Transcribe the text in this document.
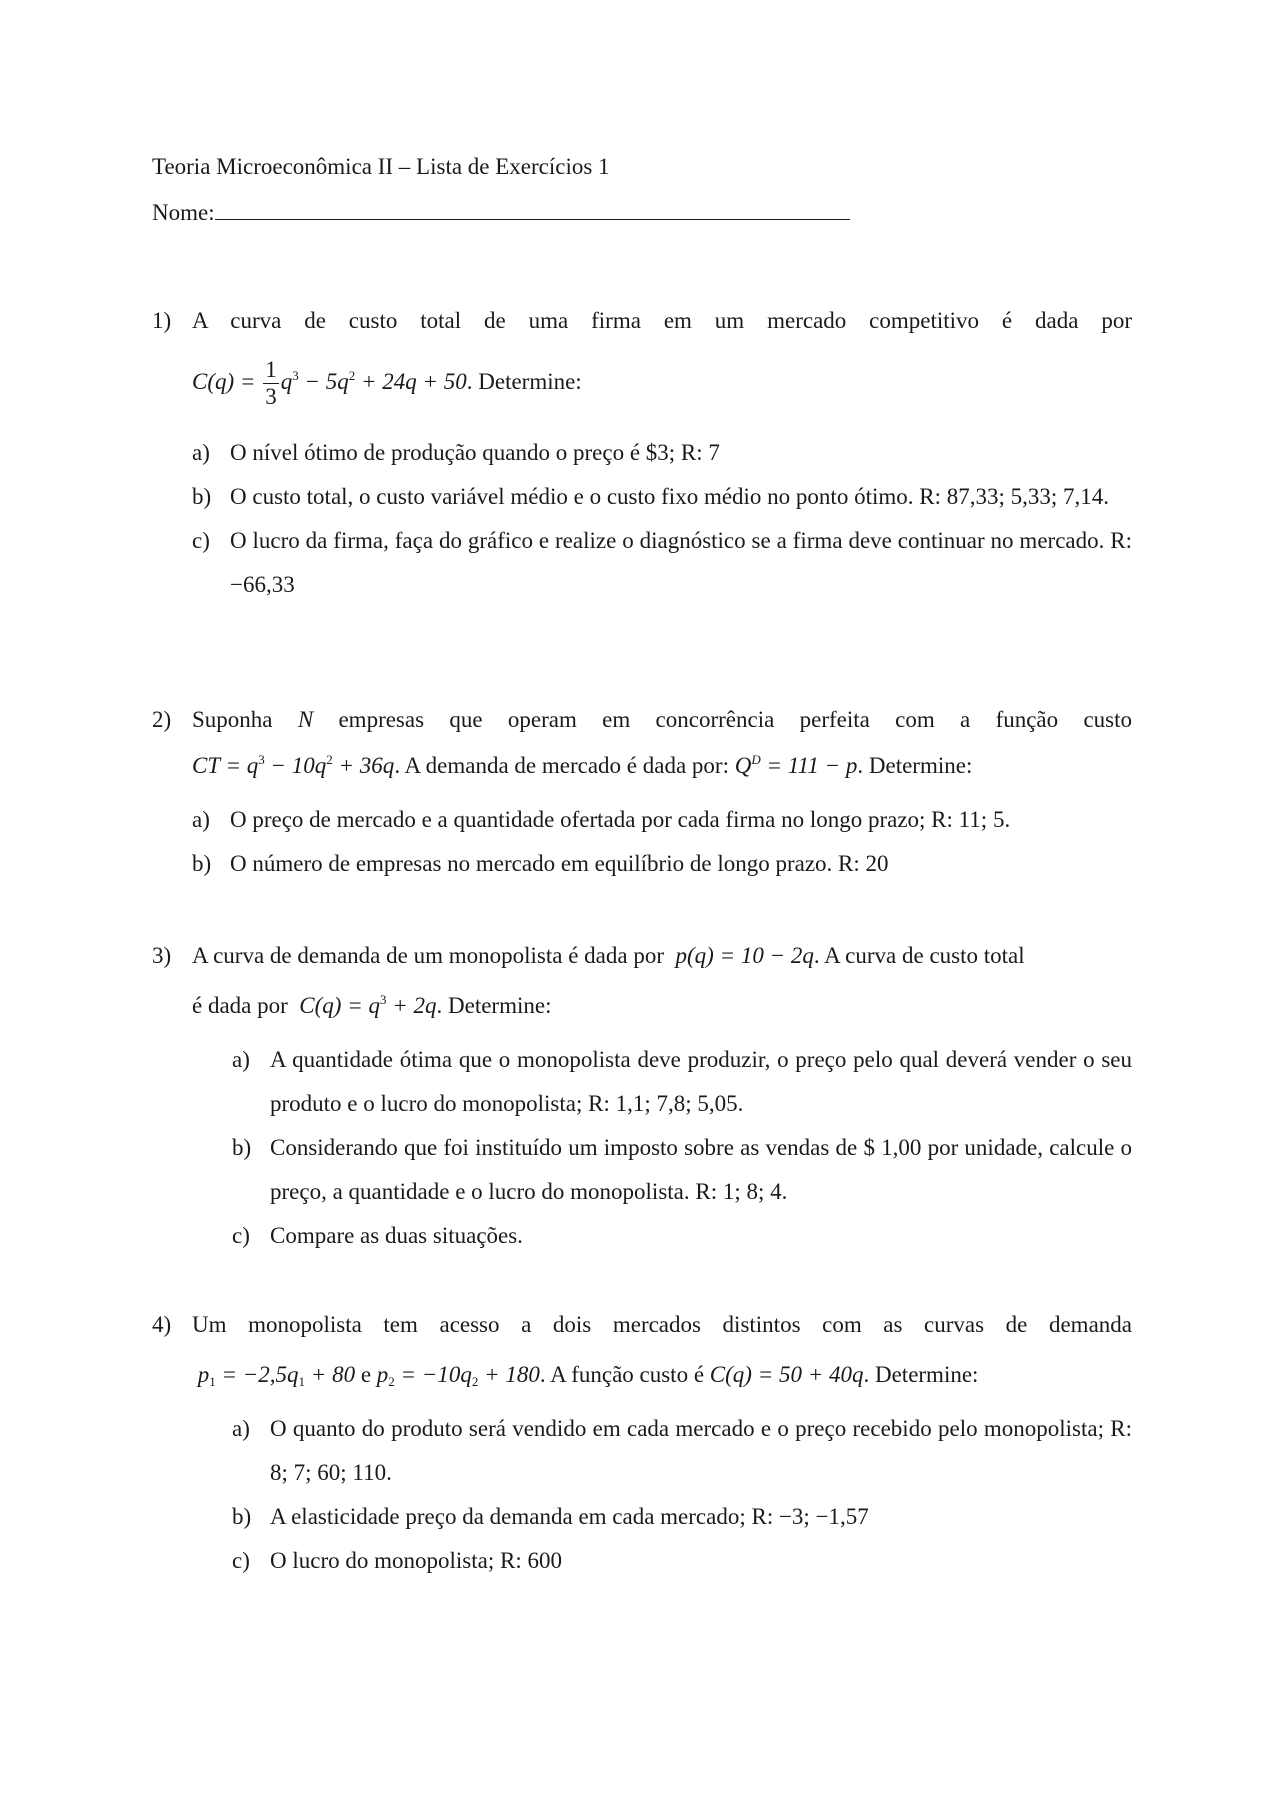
Teoria Microeconômica II – Lista de Exercícios 1
Nome:
1) A curva de custo total de uma firma em um mercado competitivo é dada por
$C(q) = \frac{1}{3} q^3 - 5q^2 + 24q + 50$. Determine:
a) O nível ótimo de produção quando o preço é $3; R: 7
b) O custo total, o custo variável médio e o custo fixo médio no ponto ótimo. R: 87,33; 5,33; 7,14.
c) O lucro da firma, faça do gráfico e realize o diagnóstico se a firma deve continuar no mercado. R: −66,33
2) Suponha N empresas que operam em concorrência perfeita com a função custo
CT = $q^3 - 10q^2 + 36q$. A demanda de mercado é dada por: $Q^D = 111 - p$. Determine:
a) O preço de mercado e a quantidade ofertada por cada firma no longo prazo; R: 11; 5.
b) O número de empresas no mercado em equilíbrio de longo prazo. R: 20
3) A curva de demanda de um monopolista é dada por p(q) = 10 − 2q. A curva de custo total
é dada por $C(q) = q^3 + 2q$. Determine:
a) A quantidade ótima que o monopolista deve produzir, o preço pelo qual deverá vender o seu produto e o lucro do monopolista; R: 1,1; 7,8; 5,05.
b) Considerando que foi instituído um imposto sobre as vendas de $ 1,00 por unidade, calcule o preço, a quantidade e o lucro do monopolista. R: 1; 8; 4.
c) Compare as duas situações.
4) Um monopolista tem acesso a dois mercados distintos com as curvas de demanda
$p_1 = -2,5q_1 + 80$ e $p_2 = -10q_2 + 180$. A função custo é C(q) = 50 + 40q. Determine:
a) O quanto do produto será vendido em cada mercado e o preço recebido pelo monopolista; R: 8; 7; 60; 110.
b) A elasticidade preço da demanda em cada mercado; R: −3; −1,57
c) O lucro do monopolista; R: 600
